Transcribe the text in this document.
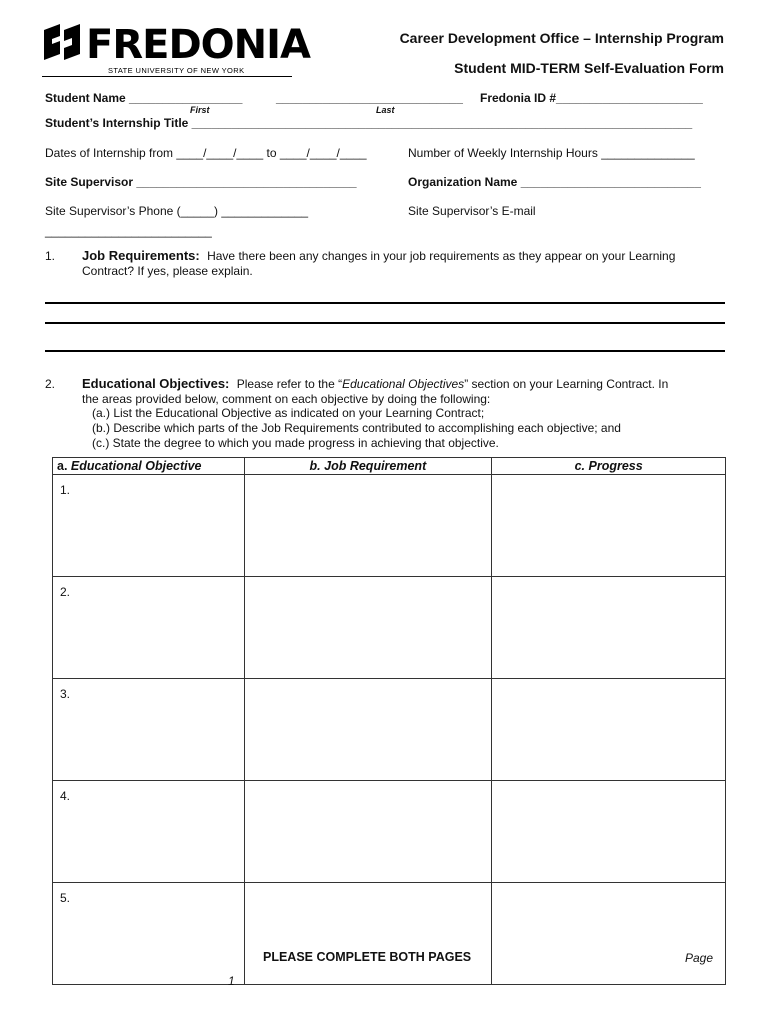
FREDONIA
STATE UNIVERSITY OF NEW YORK
Career Development Office – Internship Program
Student MID-TERM Self-Evaluation Form
Student Name _________________	____________________________
First	Last
Fredonia ID #______________________
Student’s Internship Title ___________________________________________________________________________
Dates of Internship from ____/____/____ to ____/____/____	Number of Weekly Internship Hours ______________
Site Supervisor _________________________________	Organization Name ___________________________
Site Supervisor’s Phone (_____) _____________
_________________________
Site Supervisor’s E-mail
1. Job Requirements: Have there been any changes in your job requirements as they appear on your Learning
Contract? If yes, please explain.
2. Educational Objectives: Please refer to the “Educational Objectives” section on your Learning Contract. In
the areas provided below, comment on each objective by doing the following:
(a.) List the Educational Objective as indicated on your Learning Contract;
(b.) Describe which parts of the Job Requirements contributed to accomplishing each objective; and
(c.) State the degree to which you made progress in achieving that objective.
a. Educational Objective	b. Job Requirement	c. Progress
1.		
2.		
3.		
4.		
5.		
PLEASE COMPLETE BOTH PAGES	Page
1
